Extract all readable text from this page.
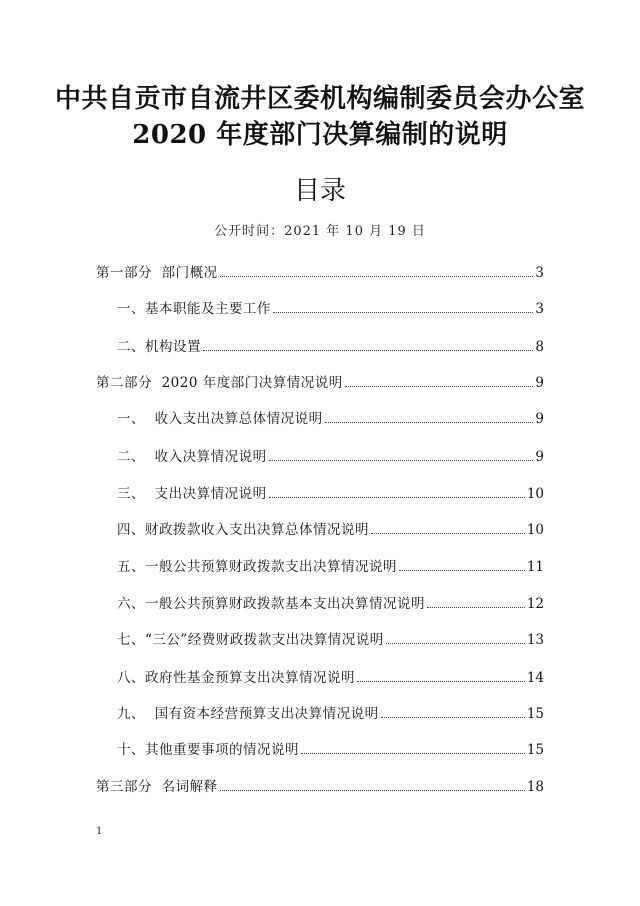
中共自贡市自流井区委机构编制委员会办公室
2020 年度部门决算编制的说明
目录
公开时间：2021 年 10 月 19 日
第一部分  部门概况	3
一、基本职能及主要工作	3
二、机构设置	8
第二部分  2020 年度部门决算情况说明	9
一、  收入支出决算总体情况说明	9
二、  收入决算情况说明	9
三、  支出决算情况说明	10
四、财政拨款收入支出决算总体情况说明	10
五、一般公共预算财政拨款支出决算情况说明	11
六、一般公共预算财政拨款基本支出决算情况说明	12
七、“三公”经费财政拨款支出决算情况说明	13
八、政府性基金预算支出决算情况说明	14
九、  国有资本经营预算支出决算情况说明	15
十、其他重要事项的情况说明	15
第三部分  名词解释	18
1
